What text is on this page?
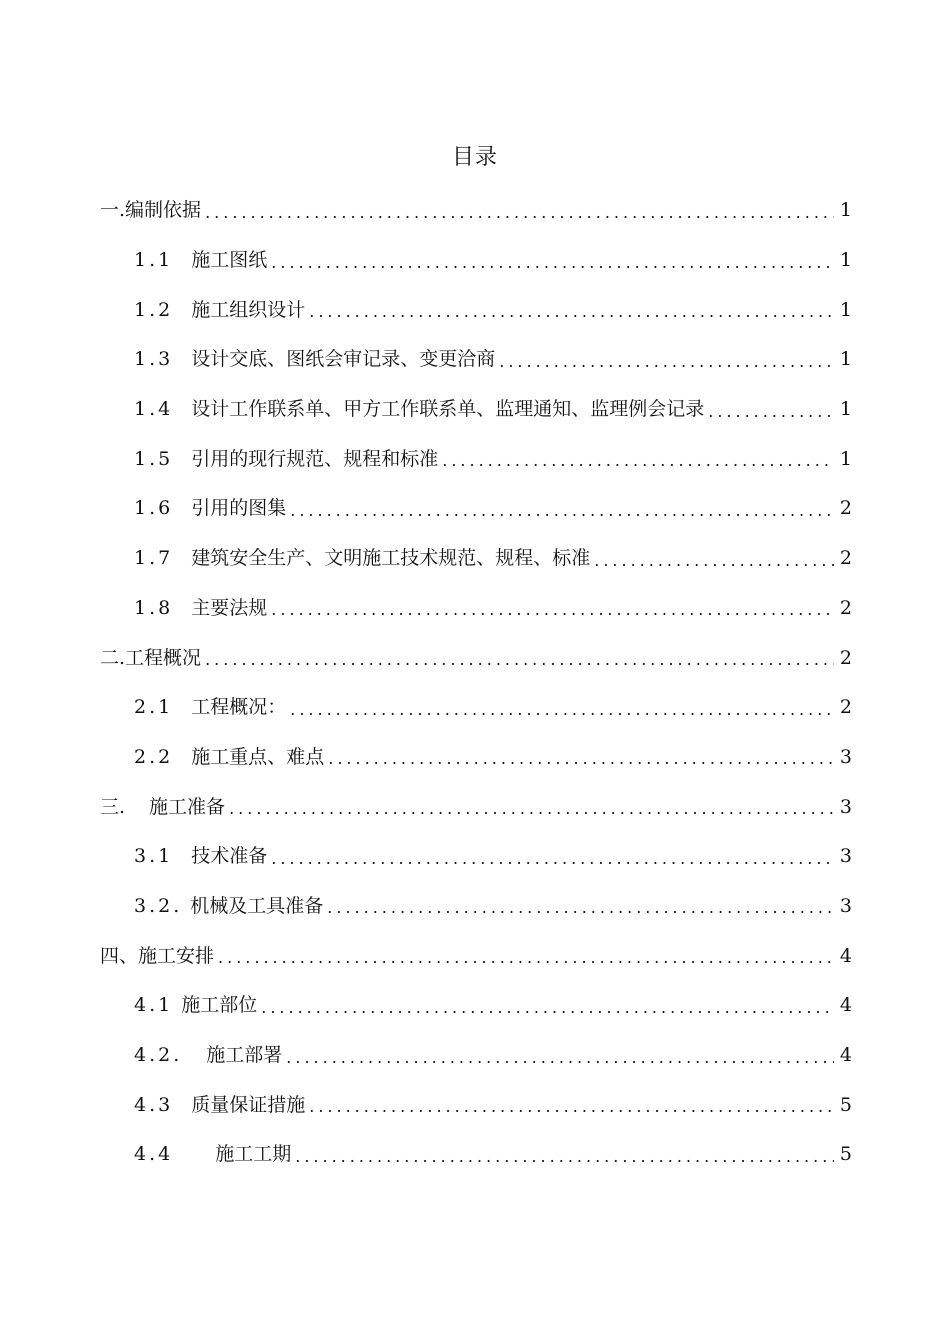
目录
一. 编制依据 .....	1
1.1 施工图纸 .....	1
1.2 施工组织设计 .....	1
1.3 设计交底、图纸会审记录、变更洽商 .....	1
1.4 设计工作联系单、甲方工作联系单、监理通知、监理例会记录 .....	1
1.5 引用的现行规范、规程和标准 .....	1
1.6 引用的图集 .....	2
1.7 建筑安全生产、文明施工技术规范、规程、标准 .....	2
1.8 主要法规 .....	2
二. 工程概况 .....	2
2.1 工程概况： .....	2
2.2 施工重点、难点 .....	3
三. 施工准备 .....	3
3.1 技术准备 .....	3
3.2. 机械及工具准备 .....	3
四、 施工安排 .....	4
4.1 施工部位 .....	4
4.2. 施工部署 .....	4
4.3 质量保证措施 .....	5
4.4 施工工期 .....	5
